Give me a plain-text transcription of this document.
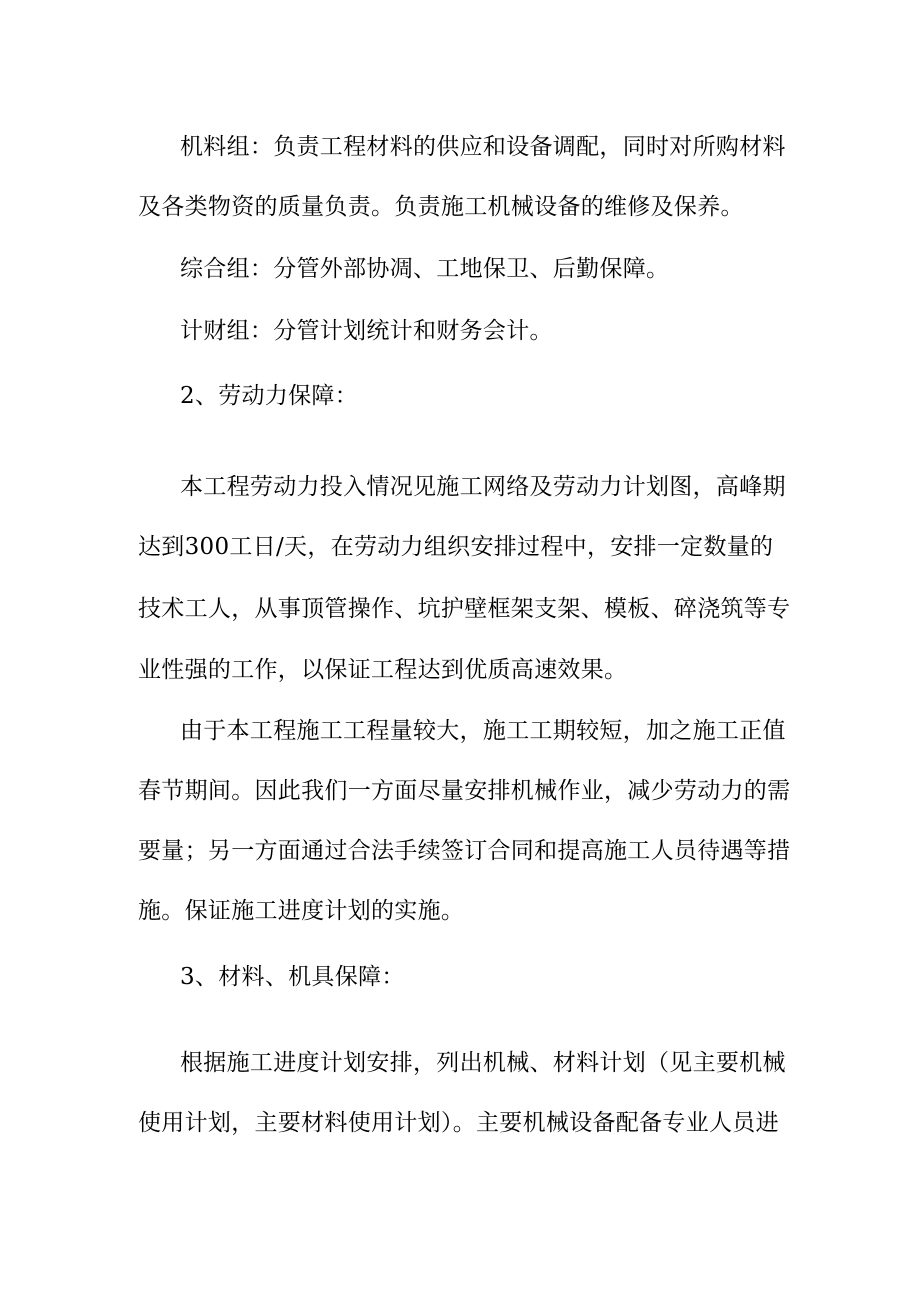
机料组：负责工程材料的供应和设备调配，同时对所购材料
及各类物资的质量负责。负责施工机械设备的维修及保养。
综合组：分管外部协凋、工地保卫、后勤保障。
计财组：分管计划统计和财务会计。
2、劳动力保障：
本工程劳动力投入情况见施工网络及劳动力计划图，高峰期
达到300工日/天，在劳动力组织安排过程中，安排一定数量的
技术工人，从事顶管操作、坑护壁框架支架、模板、碎浇筑等专
业性强的工作，以保证工程达到优质高速效果。
由于本工程施工工程量较大，施工工期较短，加之施工正值
春节期间。因此我们一方面尽量安排机械作业，减少劳动力的需
要量；另一方面通过合法手续签订合同和提高施工人员待遇等措
施。保证施工进度计划的实施。
3、材料、机具保障：
根据施工进度计划安排，列出机械、材料计划（见主要机械
使用计划，主要材料使用计划）。主要机械设备配备专业人员进
